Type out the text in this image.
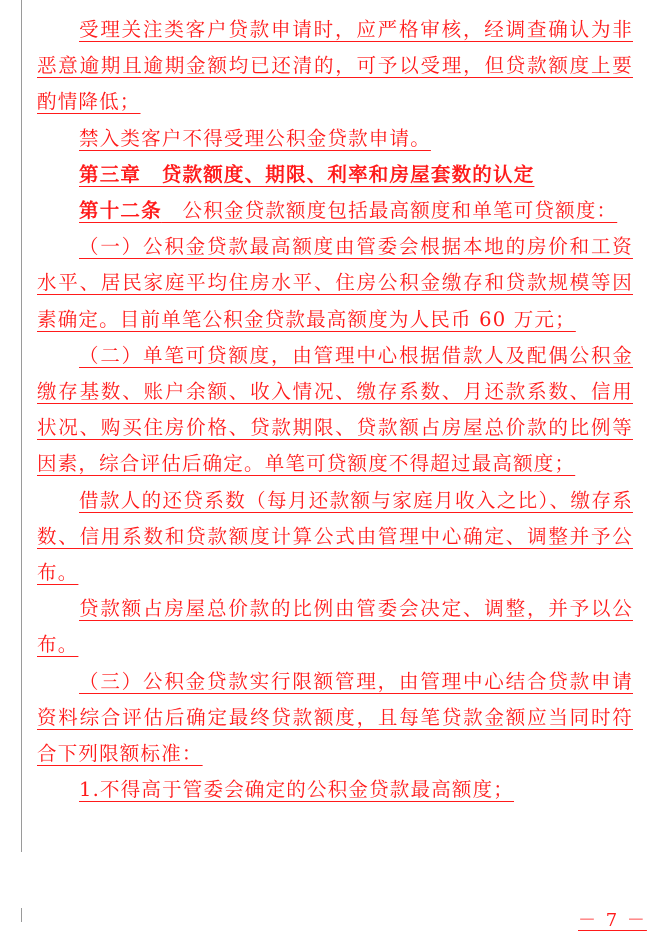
受理关注类客户贷款申请时，应严格审核，经调查确认为非恶意逾期且逾期金额均已还清的，可予以受理，但贷款额度上要酌情降低；

禁入类客户不得受理公积金贷款申请。

第三章　贷款额度、期限、利率和房屋套数的认定

第十二条　公积金贷款额度包括最高额度和单笔可贷额度：

（一）公积金贷款最高额度由管委会根据本地的房价和工资水平、居民家庭平均住房水平、住房公积金缴存和贷款规模等因素确定。目前单笔公积金贷款最高额度为人民币 60 万元；

（二）单笔可贷额度，由管理中心根据借款人及配偶公积金缴存基数、账户余额、收入情况、缴存系数、月还款系数、信用状况、购买住房价格、贷款期限、贷款额占房屋总价款的比例等因素，综合评估后确定。单笔可贷额度不得超过最高额度；

借款人的还贷系数（每月还款额与家庭月收入之比）、缴存系数、信用系数和贷款额度计算公式由管理中心确定、调整并予公布。

贷款额占房屋总价款的比例由管委会决定、调整，并予以公布。

（三）公积金贷款实行限额管理，由管理中心结合贷款申请资料综合评估后确定最终贷款额度，且每笔贷款金额应当同时符合下列限额标准：

1.不得高于管委会确定的公积金贷款最高额度；

－ 7 －
